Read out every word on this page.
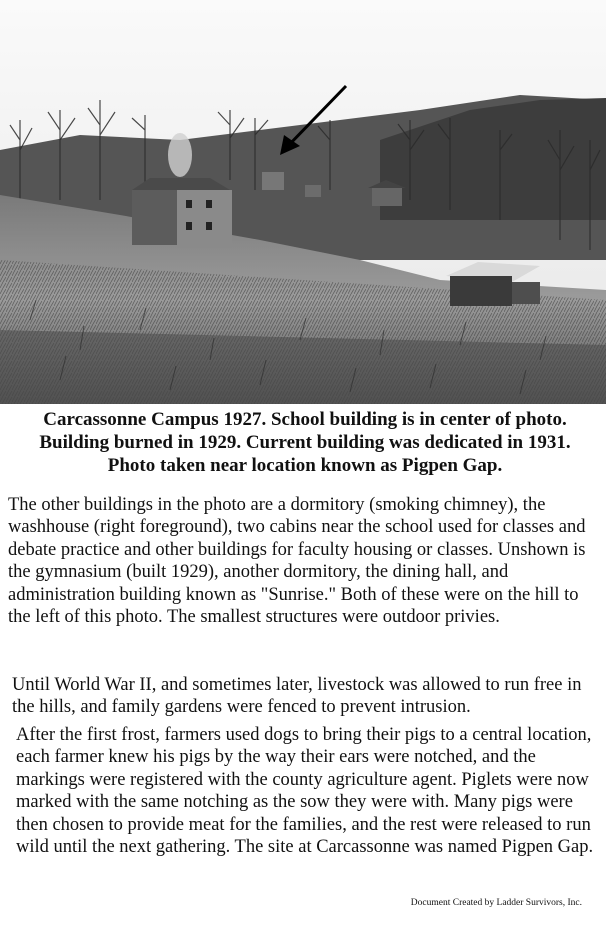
Carcassonne Campus 1927. School building is in center of photo.
Building burned in 1929. Current building was dedicated in 1931.
Photo taken near location known as Pigpen Gap.
The other buildings in the photo are a dormitory (smoking chimney), the washhouse (right foreground), two cabins near the school used for classes and debate practice and other buildings for faculty housing or classes. Unshown is the gymnasium (built 1929), another dormitory, the dining hall, and administration building known as "Sunrise." Both of these were on the hill to the left of this photo. The smallest structures were outdoor privies.
Until World War II, and sometimes later, livestock was allowed to run free in the hills, and family gardens were fenced to prevent intrusion.
After the first frost, farmers used dogs to bring their pigs to a central location, each farmer knew his pigs by the way their ears were notched, and the markings were registered with the county agriculture agent. Piglets were now marked with the same notching as the sow they were with. Many pigs were then chosen to provide meat for the families, and the rest were released to run wild until the next gathering. The site at Carcassonne was named Pigpen Gap.
Document Created by Ladder Survivors, Inc.
